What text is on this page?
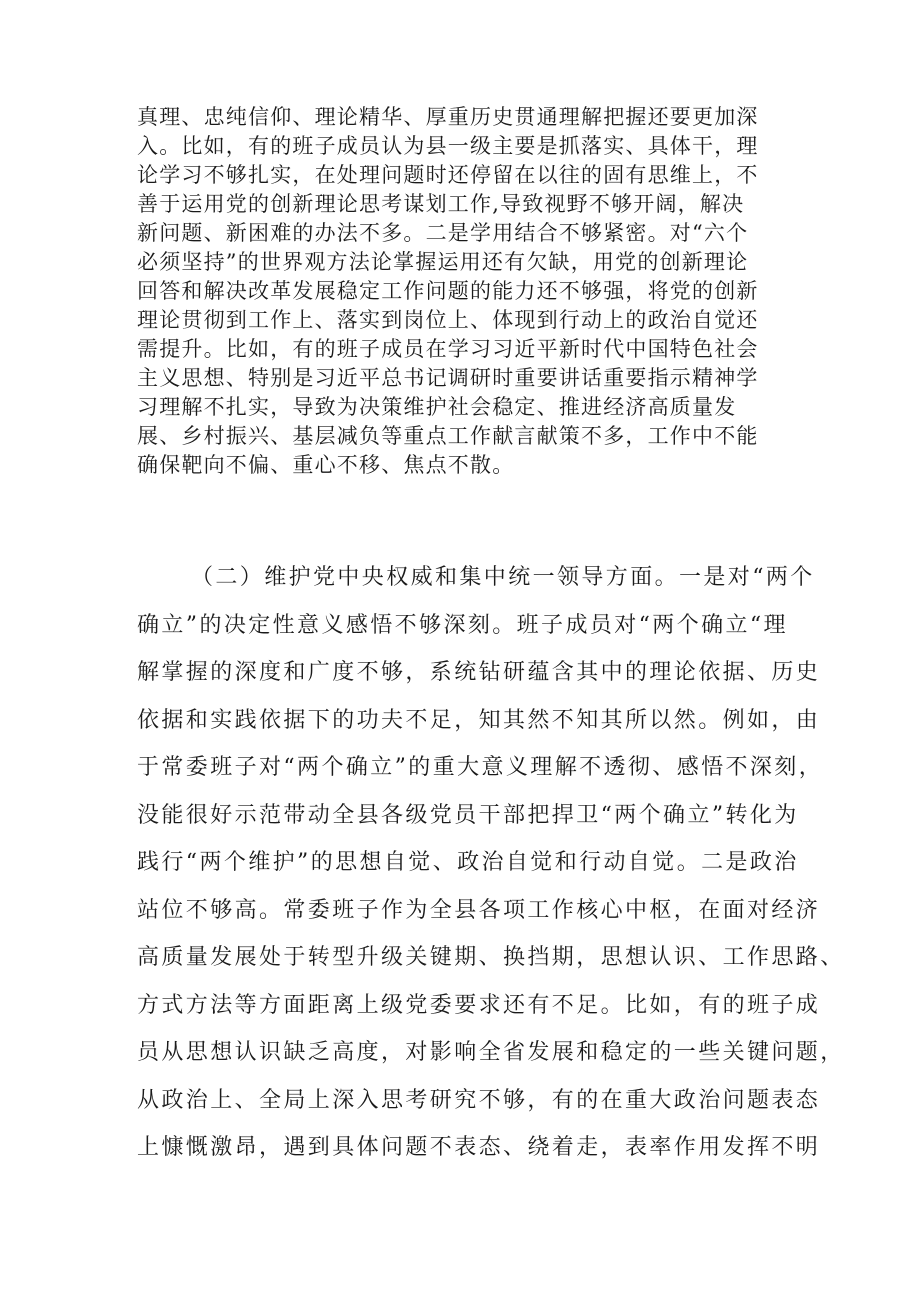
真理、忠纯信仰、理论精华、厚重历史贯通理解把握还要更加深
入。比如，有的班子成员认为县一级主要是抓落实、具体干，理
论学习不够扎实，在处理问题时还停留在以往的固有思维上，不
善于运用党的创新理论思考谋划工作,导致视野不够开阔，解决
新问题、新困难的办法不多。二是学用结合不够紧密。对“六个
必须坚持”的世界观方法论掌握运用还有欠缺，用党的创新理论
回答和解决改革发展稳定工作问题的能力还不够强，将党的创新
理论贯彻到工作上、落实到岗位上、体现到行动上的政治自觉还
需提升。比如，有的班子成员在学习习近平新时代中国特色社会
主义思想、特别是习近平总书记调研时重要讲话重要指示精神学
习理解不扎实，导致为决策维护社会稳定、推进经济高质量发
展、乡村振兴、基层减负等重点工作献言献策不多，工作中不能
确保靶向不偏、重心不移、焦点不散。
（二）维护党中央权威和集中统一领导方面。一是对“两个
确立”的决定性意义感悟不够深刻。班子成员对“两个确立“理
解掌握的深度和广度不够，系统钻研蕴含其中的理论依据、历史
依据和实践依据下的功夫不足，知其然不知其所以然。例如，由
于常委班子对“两个确立”的重大意义理解不透彻、感悟不深刻，
没能很好示范带动全县各级党员干部把捍卫“两个确立”转化为
践行“两个维护”的思想自觉、政治自觉和行动自觉。二是政治
站位不够高。常委班子作为全县各项工作核心中枢，在面对经济
高质量发展处于转型升级关键期、换挡期，思想认识、工作思路、
方式方法等方面距离上级党委要求还有不足。比如，有的班子成
员从思想认识缺乏高度，对影响全省发展和稳定的一些关键问题，
从政治上、全局上深入思考研究不够，有的在重大政治问题表态
上慷慨激昂，遇到具体问题不表态、绕着走，表率作用发挥不明
